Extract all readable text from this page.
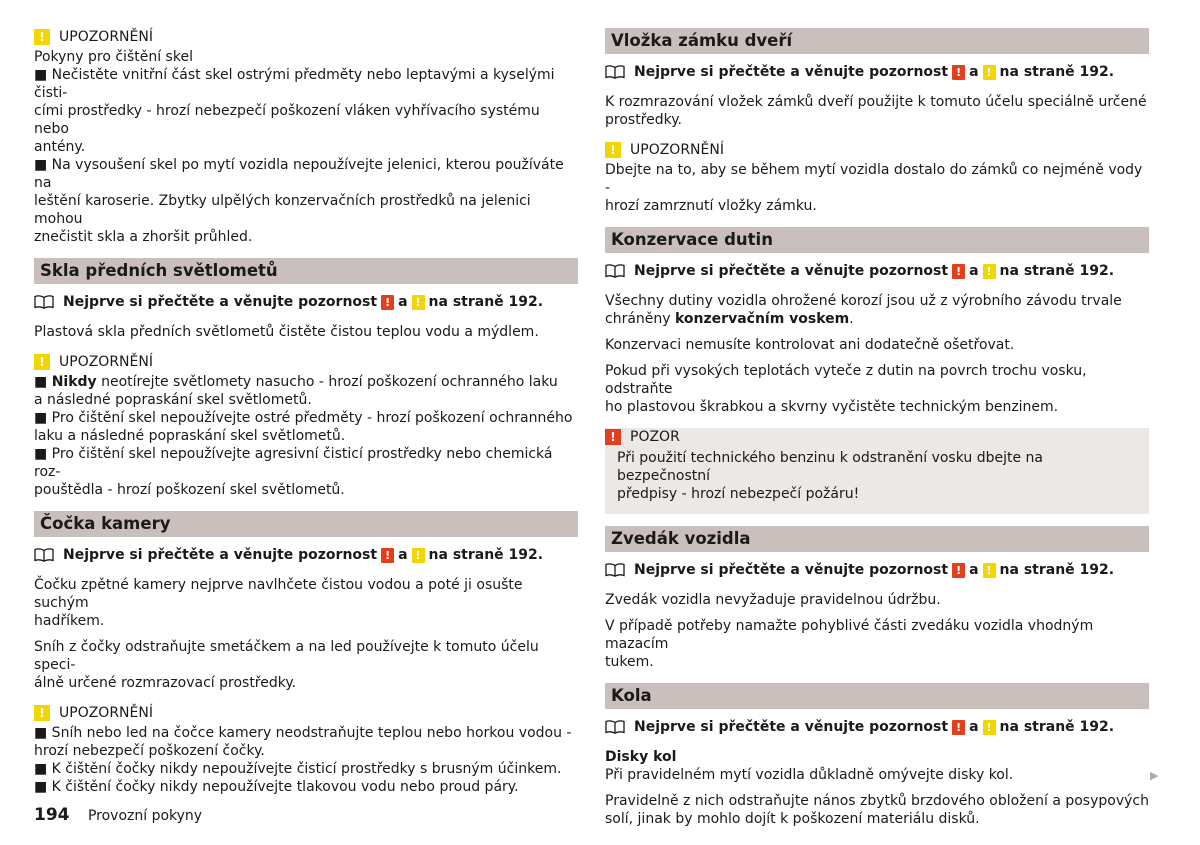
!	UPOZORNĚNÍ

Pokyny pro čištění skel

■ Nečistěte vnitřní část skel ostrými předměty nebo leptavými a kyselými čisti-

cími prostředky - hrozí nebezpečí poškození vláken vyhřívacího systému nebo

antény.

■ Na vysoušení skel po mytí vozidla nepoužívejte jelenici, kterou používáte na

leštění karoserie. Zbytky ulpělých konzervačních prostředků na jelenici mohou

znečistit skla a zhoršit průhled.

Skla předních světlometů
Nejprve si přečtěte a věnujte pozornost ! a ! na straně 192.

Plastová skla předních světlometů čistěte čistou teplou vodu a mýdlem.

!	UPOZORNĚNÍ

■ Nikdy neotírejte světlomety nasucho - hrozí poškození ochranného laku

a následné popraskání skel světlometů.

■ Pro čištění skel nepoužívejte ostré předměty - hrozí poškození ochranného

laku a následné popraskání skel světlometů.

■ Pro čištění skel nepoužívejte agresivní čisticí prostředky nebo chemická roz-

pouštědla - hrozí poškození skel světlometů.

Čočka kamery
Nejprve si přečtěte a věnujte pozornost ! a ! na straně 192.

Čočku zpětné kamery nejprve navlhčete čistou vodou a poté ji osušte suchým

hadříkem.

Sníh z čočky odstraňujte smetáčkem a na led používejte k tomuto účelu speci-

álně určené rozmrazovací prostředky.

!	UPOZORNĚNÍ

■ Sníh nebo led na čočce kamery neodstraňujte teplou nebo horkou vodou -

hrozí nebezpečí poškození čočky.

■ K čištění čočky nikdy nepoužívejte čisticí prostředky s brusným účinkem.

■ K čištění čočky nikdy nepoužívejte tlakovou vodu nebo proud páry.

Vložka zámku dveří
Nejprve si přečtěte a věnujte pozornost ! a ! na straně 192.

K rozmrazování vložek zámků dveří použijte k tomuto účelu speciálně určené

prostředky.

!	UPOZORNĚNÍ

Dbejte na to, aby se během mytí vozidla dostalo do zámků co nejméně vody -

hrozí zamrznutí vložky zámku.

Konzervace dutin
Nejprve si přečtěte a věnujte pozornost ! a ! na straně 192.

Všechny dutiny vozidla ohrožené korozí jsou už z výrobního závodu trvale

chráněny konzervačním voskem.

Konzervaci nemusíte kontrolovat ani dodatečně ošetřovat.

Pokud při vysokých teplotách vyteče z dutin na povrch trochu vosku, odstraňte

ho plastovou škrabkou a skvrny vyčistěte technickým benzinem.

!	POZOR

Při použití technického benzinu k odstranění vosku dbejte na bezpečnostní

předpisy - hrozí nebezpečí požáru!

Zvedák vozidla
Nejprve si přečtěte a věnujte pozornost ! a ! na straně 192.

Zvedák vozidla nevyžaduje pravidelnou údržbu.

V případě potřeby namažte pohyblivé části zvedáku vozidla vhodným mazacím

tukem.

Kola
Nejprve si přečtěte a věnujte pozornost ! a ! na straně 192.

Disky kol

Při pravidelném mytí vozidla důkladně omývejte disky kol.

Pravidelně z nich odstraňujte nános zbytků brzdového obložení a posypových

solí, jinak by mohlo dojít k poškození materiálu disků.

▶
194 Provozní pokyny
